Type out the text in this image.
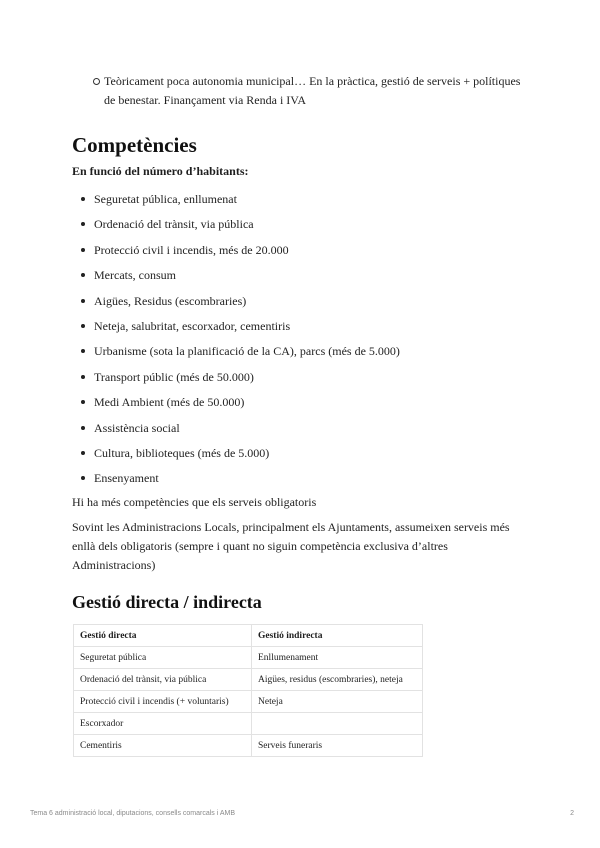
Teòricament poca autonomia municipal… En la pràctica, gestió de serveis + polítiques de benestar. Finançament via Renda i IVA
Competències
En funció del número d’habitants:
Seguretat pública, enllumenat
Ordenació del trànsit, via pública
Protecció civil i incendis, més de 20.000
Mercats, consum
Aigües, Residus (escombraries)
Neteja, salubritat, escorxador, cementiris
Urbanisme (sota la planificació de la CA), parcs (més de 5.000)
Transport públic (més de 50.000)
Medi Ambient (més de 50.000)
Assistència social
Cultura, biblioteques (més de 5.000)
Ensenyament
Hi ha més competències que els serveis obligatoris
Sovint les Administracions Locals, principalment els Ajuntaments, assumeixen serveis més enllà dels obligatoris (sempre i quant no siguin competència exclusiva d’altres Administracions)
Gestió directa / indirecta
Gestió directa	Gestió indirecta
Seguretat pública	Enllumenament
Ordenació del trànsit, via pública	Aigües, residus (escombraries), neteja
Protecció civil i incendis (+ voluntaris)	Neteja
Escorxador	
Cementiris	Serveis funeraris
Tema 6 administració local, diputacions, consells comarcals i AMB	2
